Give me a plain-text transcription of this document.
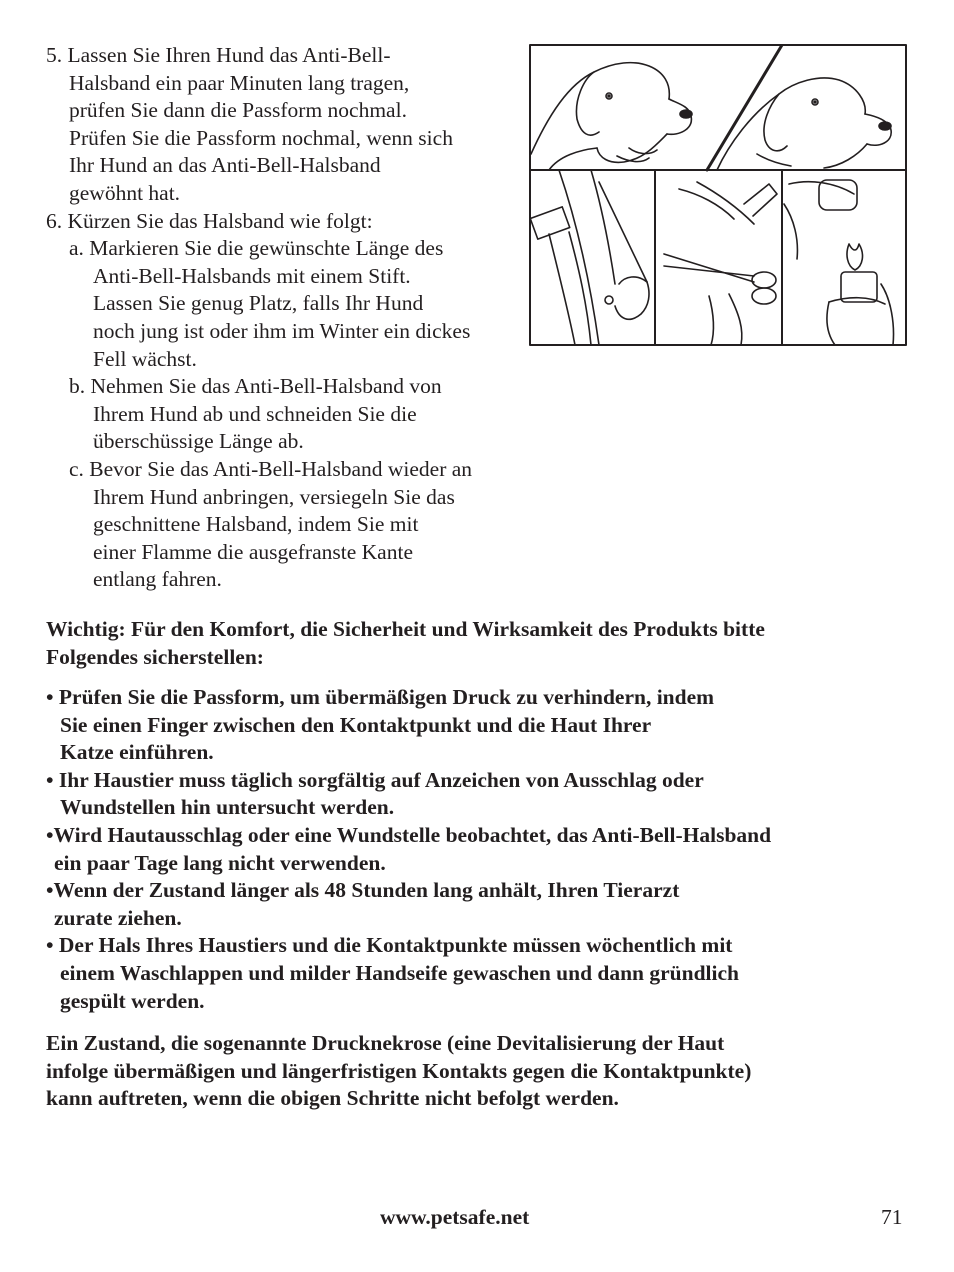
5. Lassen Sie Ihren Hund das Anti-Bell-
Halsband ein paar Minuten lang tragen,
prüfen Sie dann die Passform nochmal.
Prüfen Sie die Passform nochmal, wenn sich
Ihr Hund an das Anti-Bell-Halsband
gewöhnt hat.
6. Kürzen Sie das Halsband wie folgt:
a. Markieren Sie die gewünschte Länge des
Anti-Bell-Halsbands mit einem Stift.
Lassen Sie genug Platz, falls Ihr Hund
noch jung ist oder ihm im Winter ein dickes
Fell wächst.
b. Nehmen Sie das Anti-Bell-Halsband von
Ihrem Hund ab und schneiden Sie die
überschüssige Länge ab.
c. Bevor Sie das Anti-Bell-Halsband wieder an
Ihrem Hund anbringen, versiegeln Sie das
geschnittene Halsband, indem Sie mit
einer Flamme die ausgefranste Kante
entlang fahren.
Wichtig: Für den Komfort, die Sicherheit und Wirksamkeit des Produkts bitte
Folgendes sicherstellen:
• Prüfen Sie die Passform, um übermäßigen Druck zu verhindern, indem
Sie einen Finger zwischen den Kontaktpunkt und die Haut Ihrer
Katze einführen.
• Ihr Haustier muss täglich sorgfältig auf Anzeichen von Ausschlag oder
Wundstellen hin untersucht werden.
•Wird Hautausschlag oder eine Wundstelle beobachtet, das Anti-Bell-Halsband
ein paar Tage lang nicht verwenden.
•Wenn der Zustand länger als 48 Stunden lang anhält, Ihren Tierarzt
zurate ziehen.
• Der Hals Ihres Haustiers und die Kontaktpunkte müssen wöchentlich mit
einem Waschlappen und milder Handseife gewaschen und dann gründlich
gespült werden.
Ein Zustand, die sogenannte Drucknekrose (eine Devitalisierung der Haut
infolge übermäßigen und längerfristigen Kontakts gegen die Kontaktpunkte)
kann auftreten, wenn die obigen Schritte nicht befolgt werden.
www.petsafe.net	71
